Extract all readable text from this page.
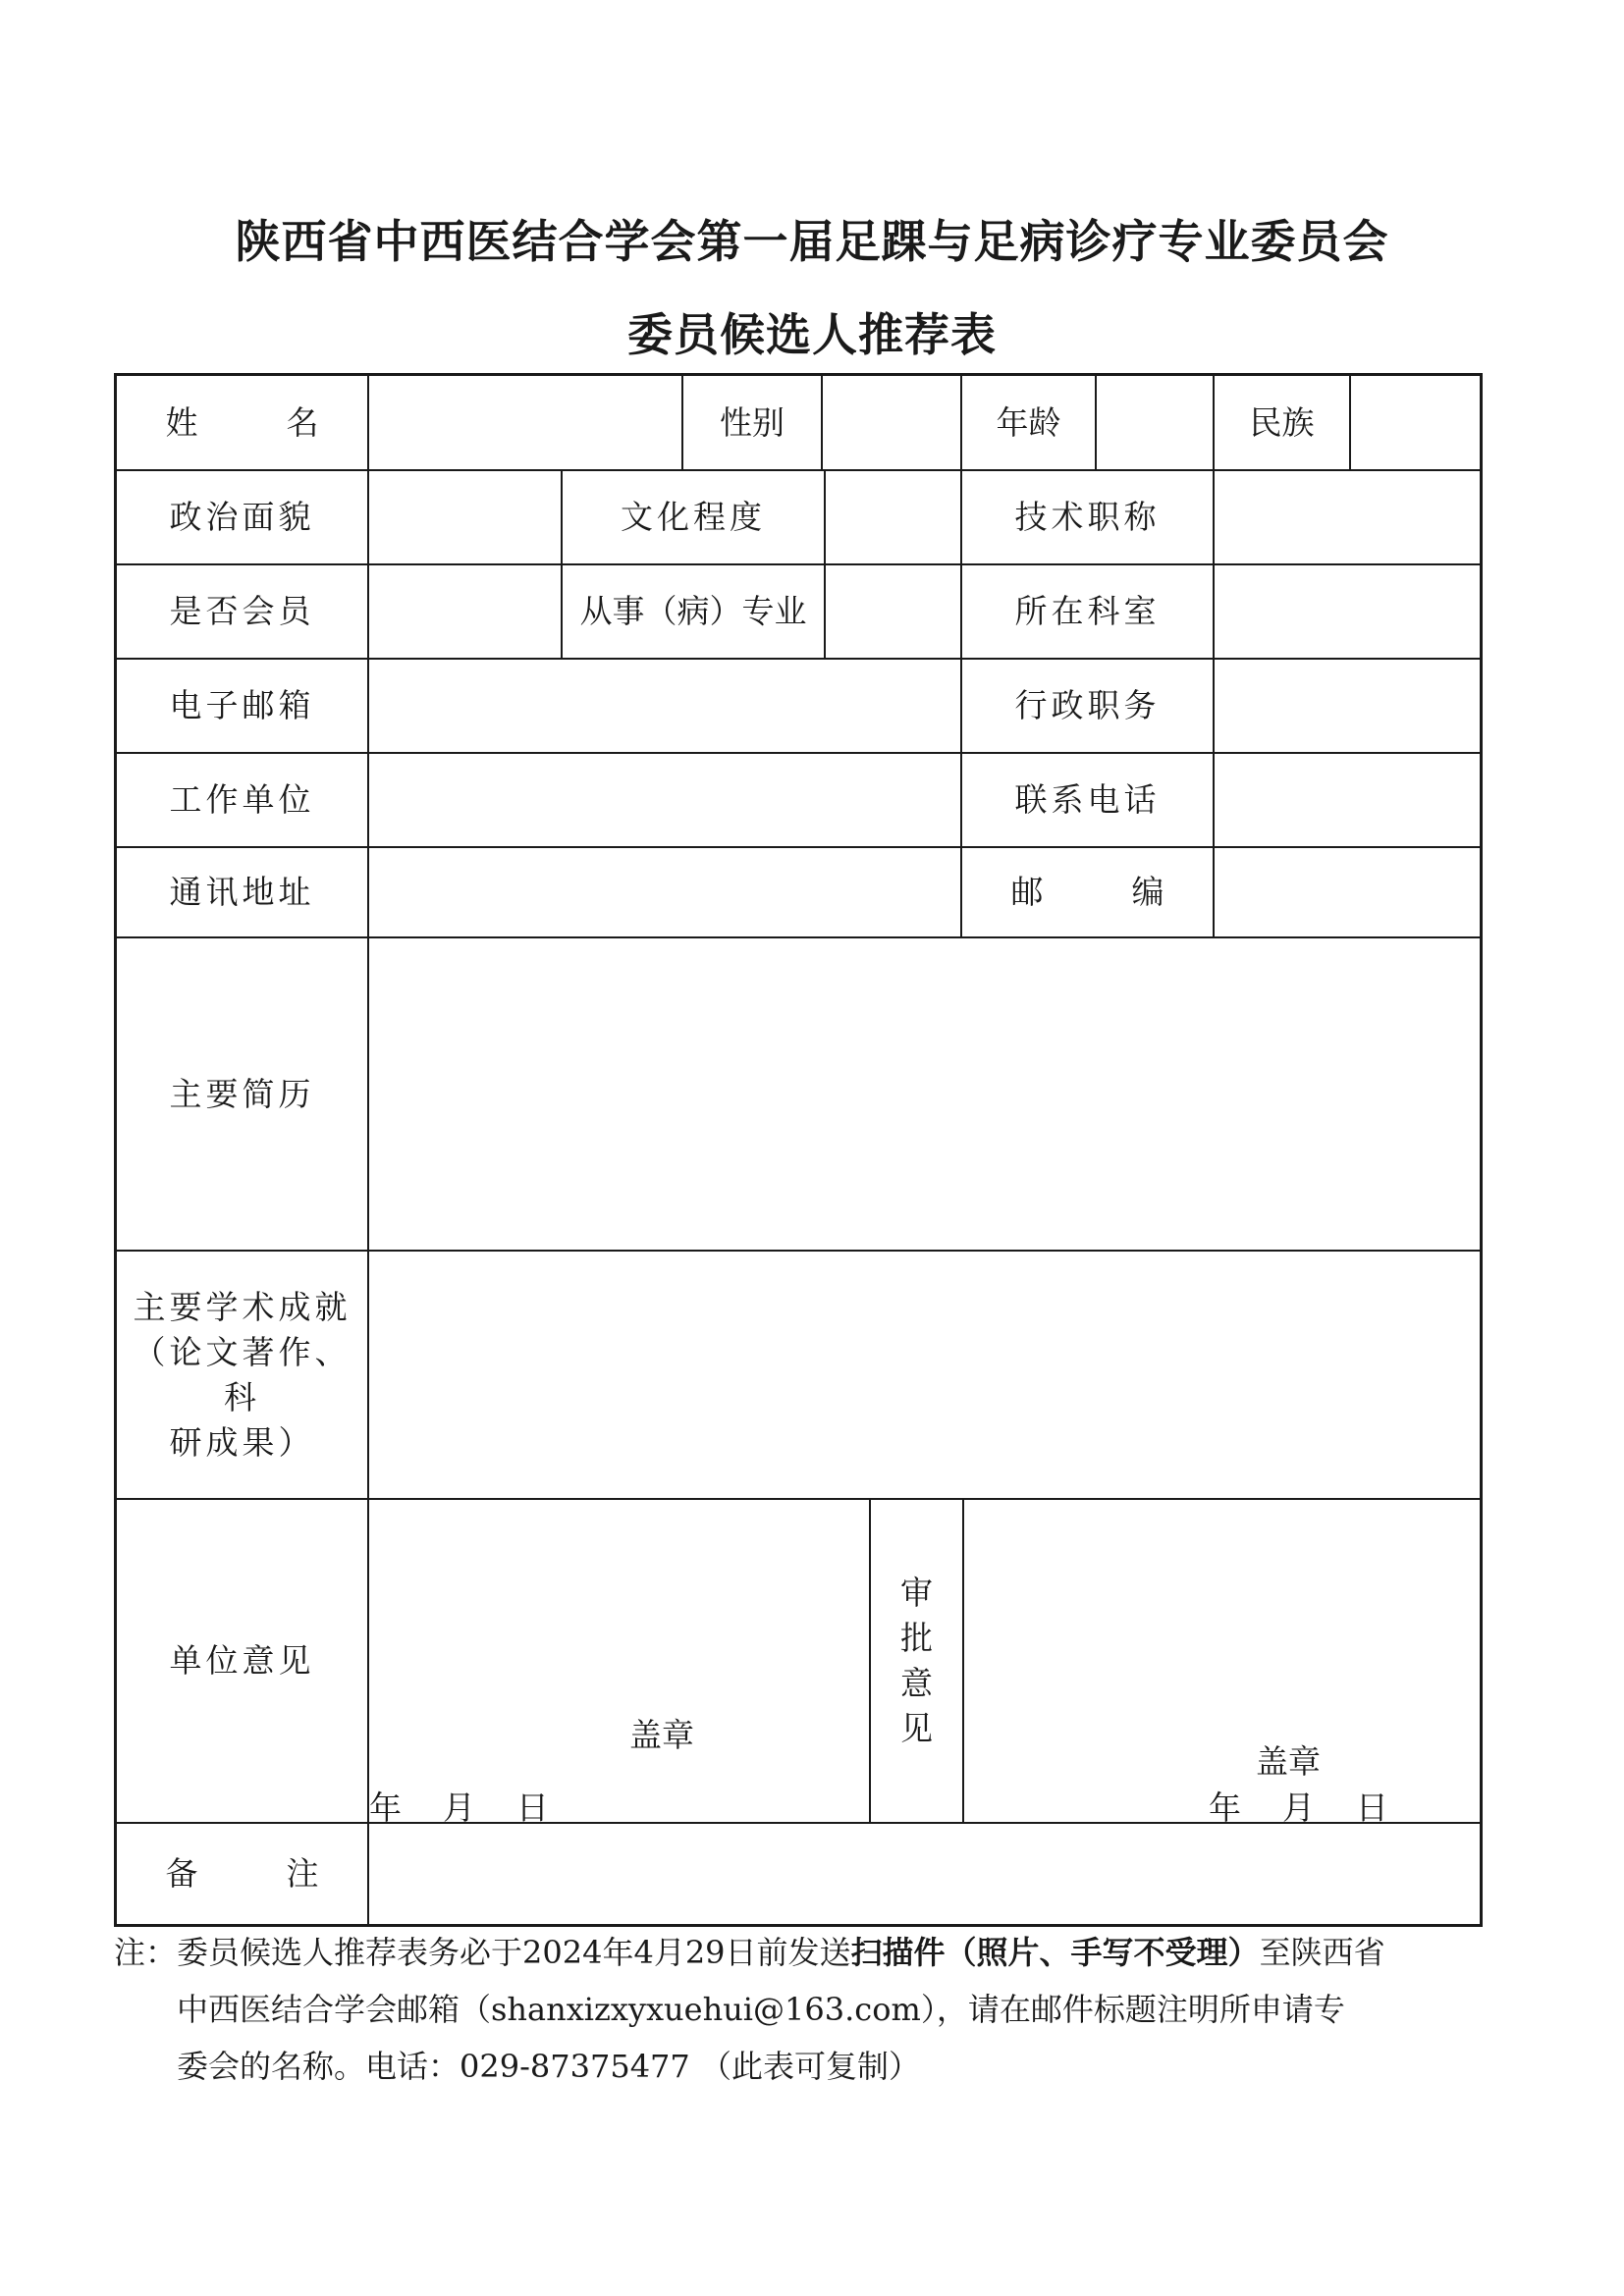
陕西省中西医结合学会第一届足踝与足病诊疗专业委员会
委员候选人推荐表
姓	名	性别	年龄	民族
政治面貌	文化程度	技术职称
是否会员	从事（病）专业	所在科室
电子邮箱	行政职务
工作单位	联系电话
通讯地址	邮	编
主要简历
主要学术成就
（论文著作、科
研成果）
单位意见
审
批
意
见
盖章
年    月    日
盖章
年    月    日
备	注
注：委员候选人推荐表务必于2024年4月29日前发送扫描件（照片、手写不受理）至陕西省
中西医结合学会邮箱（shanxizxyxuehui@163.com），请在邮件标题注明所申请专
委会的名称。电话：029-87375477 （此表可复制）
